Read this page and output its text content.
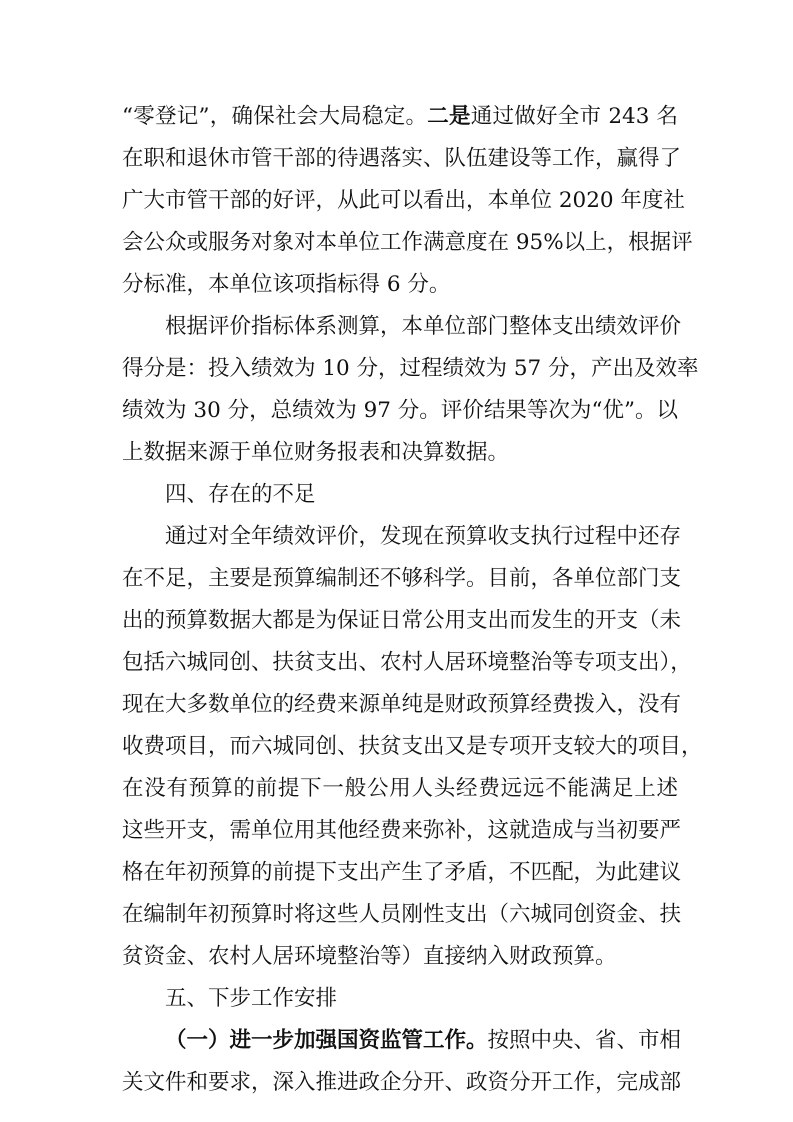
“零登记”，确保社会大局稳定。二是通过做好全市 243 名
在职和退休市管干部的待遇落实、队伍建设等工作，赢得了
广大市管干部的好评，从此可以看出，本单位 2020 年度社
会公众或服务对象对本单位工作满意度在 95%以上，根据评
分标准，本单位该项指标得 6 分。
根据评价指标体系测算，本单位部门整体支出绩效评价
得分是：投入绩效为 10 分，过程绩效为 57 分，产出及效率
绩效为 30 分，总绩效为 97 分。评价结果等次为“优”。以
上数据来源于单位财务报表和决算数据。
四、存在的不足
通过对全年绩效评价，发现在预算收支执行过程中还存
在不足，主要是预算编制还不够科学。目前，各单位部门支
出的预算数据大都是为保证日常公用支出而发生的开支（未
包括六城同创、扶贫支出、农村人居环境整治等专项支出），
现在大多数单位的经费来源单纯是财政预算经费拨入，没有
收费项目，而六城同创、扶贫支出又是专项开支较大的项目，
在没有预算的前提下一般公用人头经费远远不能满足上述
这些开支，需单位用其他经费来弥补，这就造成与当初要严
格在年初预算的前提下支出产生了矛盾，不匹配，为此建议
在编制年初预算时将这些人员刚性支出（六城同创资金、扶
贫资金、农村人居环境整治等）直接纳入财政预算。
五、下步工作安排
（一）进一步加强国资监管工作。按照中央、省、市相
关文件和要求，深入推进政企分开、政资分开工作，完成部
